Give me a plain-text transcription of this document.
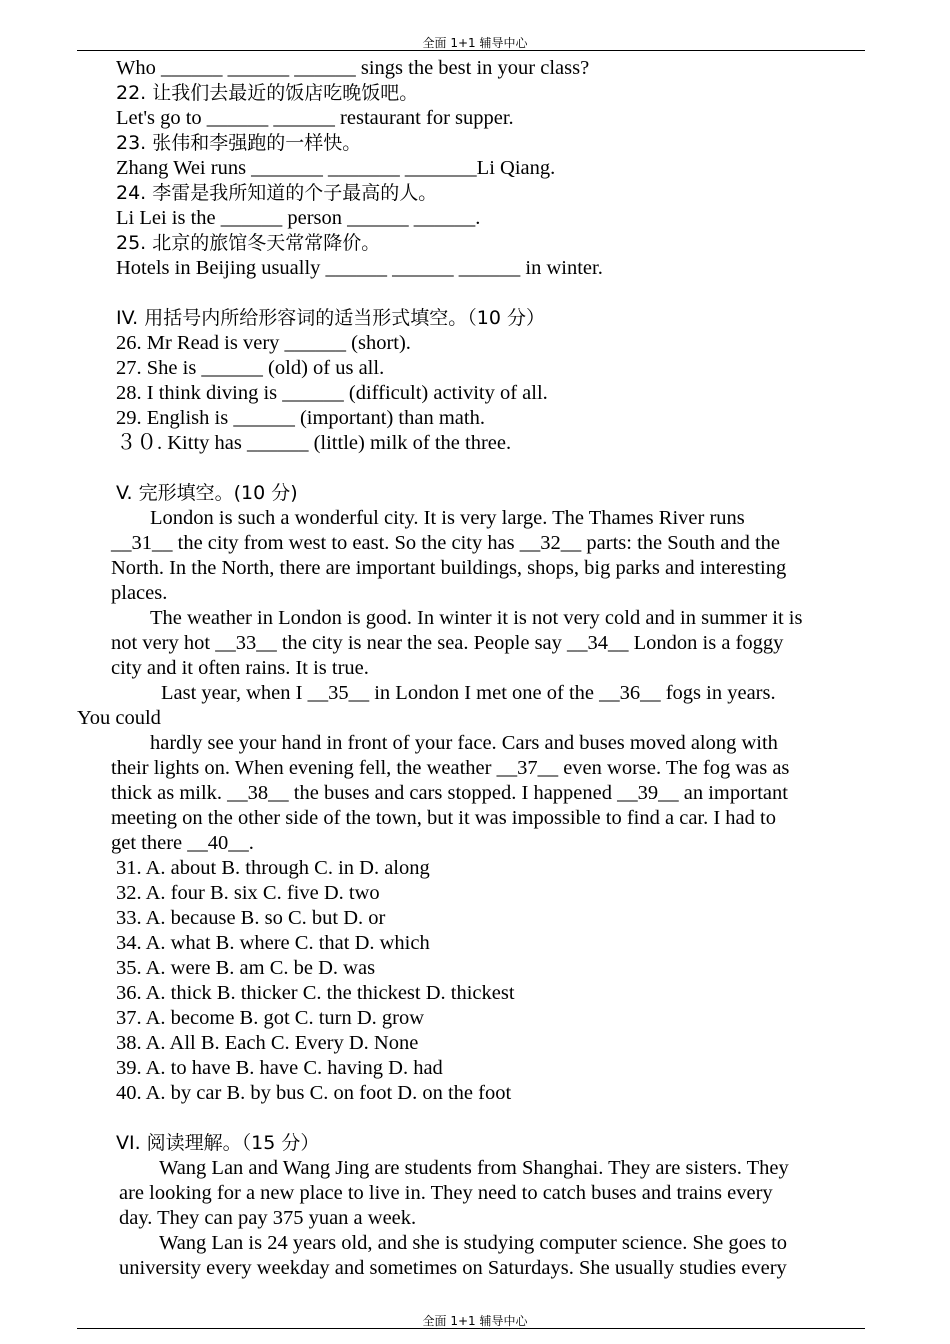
全面 1+1 辅导中心
Who ______ ______ ______ sings the best in your class?
22. 让我们去最近的饭店吃晚饭吧。
Let's go to ______ ______ restaurant for supper.
23. 张伟和李强跑的一样快。
Zhang Wei runs _______ _______ _______Li Qiang.
24. 李雷是我所知道的个子最高的人。
Li Lei is the ______ person ______ ______.
25. 北京的旅馆冬天常常降价。
Hotels in Beijing usually ______ ______ ______ in winter.
IV. 用括号内所给形容词的适当形式填空。（10 分）
26. Mr Read is very ______ (short).
27. She is ______ (old) of us all.
28. I think diving is ______ (difficult) activity of all.
29. English is ______ (important) than math.
３０. Kitty has ______ (little) milk of the three.
V. 完形填空。(10 分)
London is such a wonderful city. It is very large. The Thames River runs
__31__ the city from west to east. So the city has __32__ parts: the South and the
North. In the North, there are important buildings, shops, big parks and interesting
places.
The weather in London is good. In winter it is not very cold and in summer it is
not very hot __33__ the city is near the sea. People say __34__ London is a foggy
city and it often rains. It is true.
Last year, when I __35__ in London I met one of the __36__ fogs in years.
You could
hardly see your hand in front of your face. Cars and buses moved along with
their lights on. When evening fell, the weather __37__ even worse. The fog was as
thick as milk. __38__ the buses and cars stopped. I happened __39__ an important
meeting on the other side of the town, but it was impossible to find a car. I had to
get there __40__.
31. A. about B. through C. in D. along
32. A. four B. six C. five D. two
33. A. because B. so C. but D. or
34. A. what B. where C. that D. which
35. A. were B. am C. be D. was
36. A. thick B. thicker C. the thickest D. thickest
37. A. become B. got C. turn D. grow
38. A. All B. Each C. Every D. None
39. A. to have B. have C. having D. had
40. A. by car B. by bus C. on foot D. on the foot
VI. 阅读理解。（15 分）
Wang Lan and Wang Jing are students from Shanghai. They are sisters. They
are looking for a new place to live in. They need to catch buses and trains every
day. They can pay 375 yuan a week.
Wang Lan is 24 years old, and she is studying computer science. She goes to
university every weekday and sometimes on Saturdays. She usually studies every
全面 1+1 辅导中心
